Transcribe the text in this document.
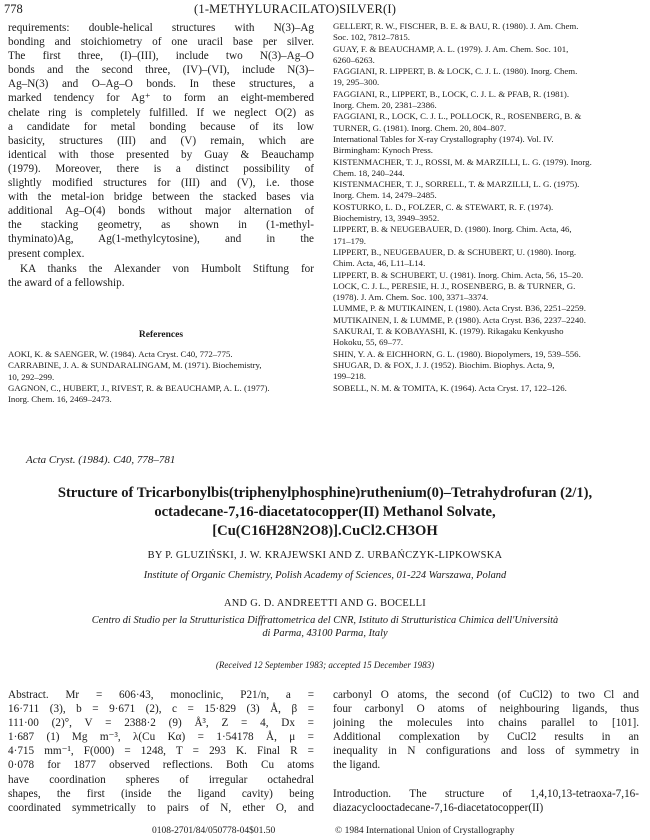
778	(1-METHYLURACILATO)SILVER(I)
requirements: double-helical structures with N(3)–Ag
bonding and stoichiometry of one uracil base per silver.
The first three, (I)–(III), include two N(3)–Ag–O
bonds and the second three, (IV)–(VI), include N(3)–
Ag–N(3) and O–Ag–O bonds. In these structures, a
marked tendency for Ag⁺ to form an eight-membered
chelate ring is completely fulfilled. If we neglect O(2) as
a candidate for metal bonding because of its low
basicity, structures (III) and (V) remain, which are
identical with those presented by Guay & Beauchamp
(1979). Moreover, there is a distinct possibility of
slightly modified structures for (III) and (V), i.e. those
with the metal-ion bridge between the stacked bases via
additional Ag–O(4) bonds without major alternation of
the stacking geometry, as shown in (1-methyl-
thyminato)Ag, Ag(1-methylcytosine), and in the
present complex.
KA thanks the Alexander von Humbolt Stiftung for
the award of a fellowship.
References

AOKI, K. & SAENGER, W. (1984). Acta Cryst. C40, 772–775.

CARRABINE, J. A. & SUNDARALINGAM, M. (1971). Biochemistry,
10, 292–299.

GAGNON, C., HUBERT, J., RIVEST, R. & BEAUCHAMP, A. L. (1977).
Inorg. Chem. 16, 2469–2473.

GELLERT, R. W., FISCHER, B. E. & BAU, R. (1980). J. Am. Chem.
Soc. 102, 7812–7815.

GUAY, F. & BEAUCHAMP, A. L. (1979). J. Am. Chem. Soc. 101,
6260–6263.

FAGGIANI, R. LIPPERT, B. & LOCK, C. J. L. (1980). Inorg. Chem.
19, 295–300.

FAGGIANI, R., LIPPERT, B., LOCK, C. J. L. & PFAB, R. (1981).
Inorg. Chem. 20, 2381–2386.

FAGGIANI, R., LOCK, C. J. L., POLLOCK, R., ROSENBERG, B. &
TURNER, G. (1981). Inorg. Chem. 20, 804–807.

International Tables for X-ray Crystallography (1974). Vol. IV.
Birmingham: Kynoch Press.

KISTENMACHER, T. J., ROSSI, M. & MARZILLI, L. G. (1979). Inorg.
Chem. 18, 240–244.

KISTENMACHER, T. J., SORRELL, T. & MARZILLI, L. G. (1975).
Inorg. Chem. 14, 2479–2485.

KOSTURKO, L. D., FOLZER, C. & STEWART, R. F. (1974).
Biochemistry, 13, 3949–3952.

LIPPERT, B. & NEUGEBAUER, D. (1980). Inorg. Chim. Acta, 46,
171–179.

LIPPERT, B., NEUGEBAUER, D. & SCHUBERT, U. (1980). Inorg.
Chim. Acta, 46, L11–L14.

LIPPERT, B. & SCHUBERT, U. (1981). Inorg. Chim. Acta, 56, 15–20.

LOCK, C. J. L., PERESIE, H. J., ROSENBERG, B. & TURNER, G.
(1978). J. Am. Chem. Soc. 100, 3371–3374.

LUMME, P. & MUTIKAINEN, I. (1980). Acta Cryst. B36, 2251–2259.

MUTIKAINEN, I. & LUMME, P. (1980). Acta Cryst. B36, 2237–2240.

SAKURAI, T. & KOBAYASHI, K. (1979). Rikagaku Kenkyusho
Hokoku, 55, 69–77.

SHIN, Y. A. & EICHHORN, G. L. (1980). Biopolymers, 19, 539–556.

SHUGAR, D. & FOX, J. J. (1952). Biochim. Biophys. Acta, 9,
199–218.

SOBELL, N. M. & TOMITA, K. (1964). Acta Cryst. 17, 122–126.

Acta Cryst. (1984). C40, 778–781
Structure of Tricarbonylbis(triphenylphosphine)ruthenium(0)–Tetrahydrofuran (2/1),
octadecane-7,16-diacetatocopper(II) Methanol Solvate,
[Cu(C16H28N2O8)].CuCl2.CH3OH
BY P. GLUZIŃSKI, J. W. KRAJEWSKI AND Z. URBAŃCZYK-LIPKOWSKA
Institute of Organic Chemistry, Polish Academy of Sciences, 01-224 Warszawa, Poland
AND G. D. ANDREETTI AND G. BOCELLI
Centro di Studio per la Strutturistica Diffrattometrica del CNR, Istituto di Strutturistica Chimica dell'Università
di Parma, 43100 Parma, Italy
(Received 12 September 1983; accepted 15 December 1983)
Abstract. Mr = 606·43, monoclinic, P21/n, a =
16·711 (3), b = 9·671 (2), c = 15·829 (3) Å, β =
111·00 (2)°, V = 2388·2 (9) Å³, Z = 4, Dx =
1·687 (1) Mg m⁻³, λ(Cu Kα) = 1·54178 Å, μ =
4·715 mm⁻¹, F(000) = 1248, T = 293 K. Final R =
0·078 for 1877 observed reflections. Both Cu atoms
have coordination spheres of irregular octahedral
shapes, the first (inside the ligand cavity) being
coordinated symmetrically to pairs of N, ether O, and
carbonyl O atoms, the second (of CuCl2) to two Cl and
four carbonyl O atoms of neighbouring ligands, thus
joining the molecules into chains parallel to [101].
Additional complexation by CuCl2 results in an
inequality in N configurations and loss of symmetry in
the ligand.
Introduction. The structure of 1,4,10,13-tetraoxa-7,16-
diazacyclooctadecane-7,16-diacetatocopper(II)
0108-2701/84/050778-04$01.50	© 1984 International Union of Crystallography
